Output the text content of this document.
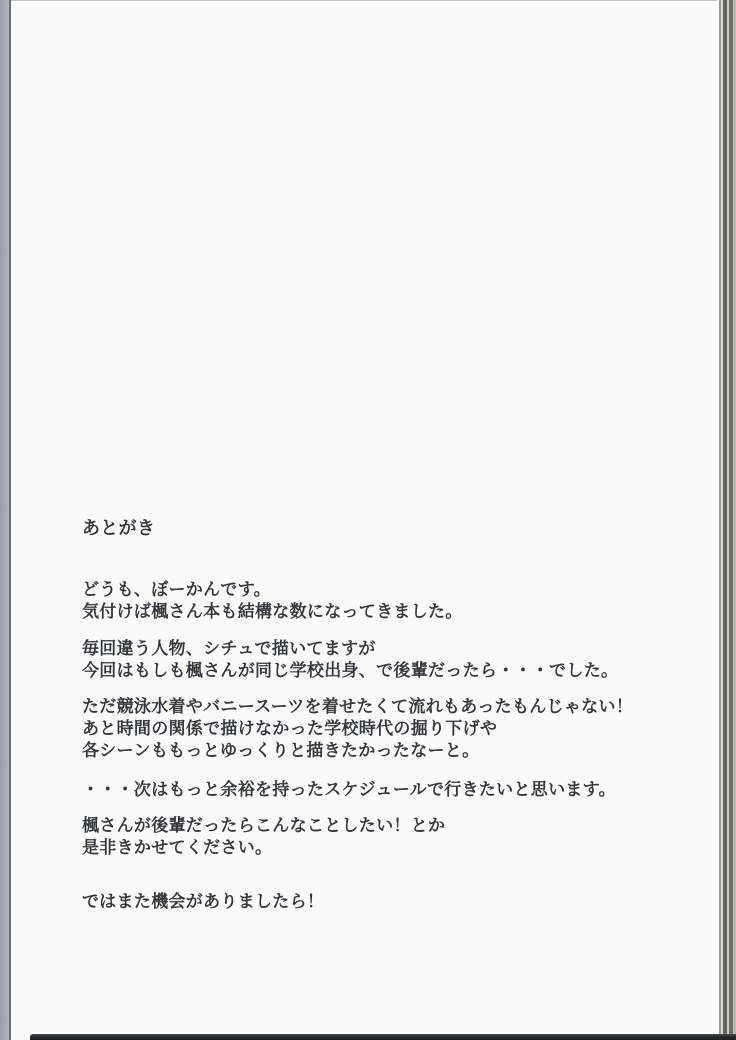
あとがき

どうも、ぼーかんです。
気付けば楓さん本も結構な数になってきました。

毎回違う人物、シチュで描いてますが
今回はもしも楓さんが同じ学校出身、で後輩だったら・・・でした。

ただ競泳水着やバニースーツを着せたくて流れもあったもんじゃない！
あと時間の関係で描けなかった学校時代の掘り下げや
各シーンももっとゆっくりと描きたかったなーと。

・・・次はもっと余裕を持ったスケジュールで行きたいと思います。

楓さんが後輩だったらこんなことしたい！とか
是非きかせてください。

ではまた機会がありましたら！
